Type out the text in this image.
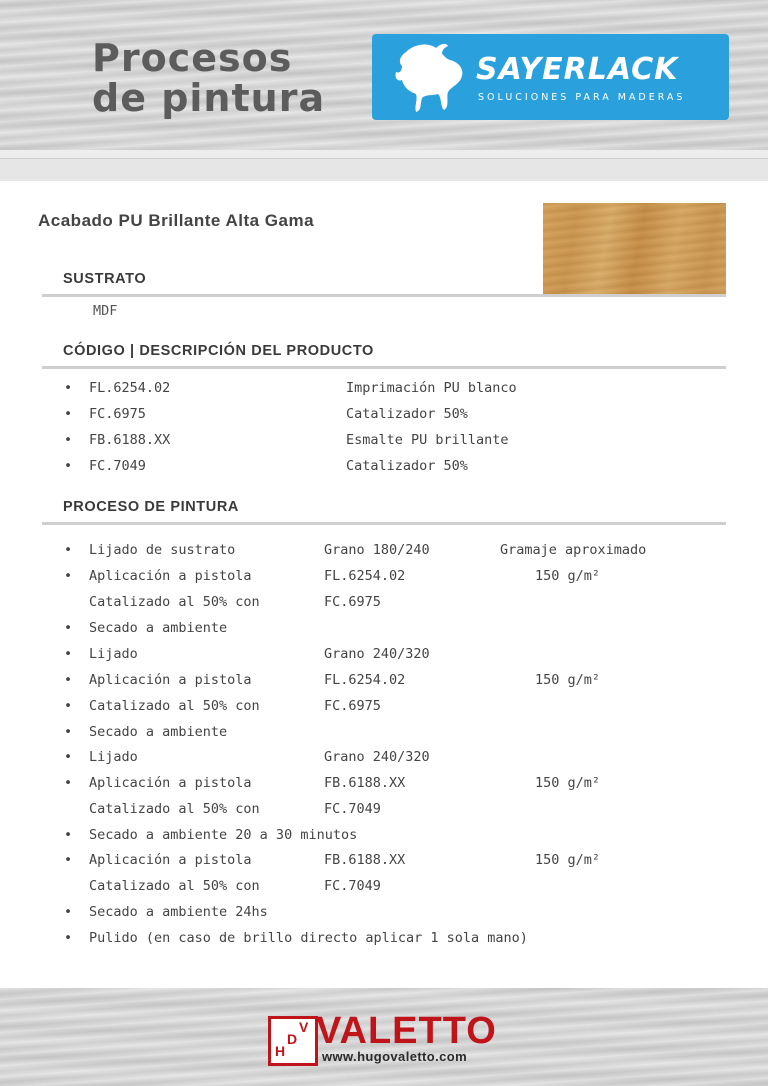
Procesos
de pintura
SAYERLACK
SOLUCIONES PARA MADERAS
Acabado PU Brillante Alta Gama
SUSTRATO
MDF
CÓDIGO | DESCRIPCIÓN DEL PRODUCTO
• FL.6254.02	Imprimación PU blanco
• FC.6975	Catalizador 50%
• FB.6188.XX	Esmalte PU brillante
• FC.7049	Catalizador 50%
PROCESO DE PINTURA
• Lijado de sustrato	Grano 180/240	Gramaje aproximado
• Aplicación a pistola	FL.6254.02	150 g/m²
Catalizado al 50% con	FC.6975
• Secado a ambiente
• Lijado	Grano 240/320
• Aplicación a pistola	FL.6254.02	150 g/m²
• Catalizado al 50% con	FC.6975
• Secado a ambiente
• Lijado	Grano 240/320
• Aplicación a pistola	FB.6188.XX	150 g/m²
Catalizado al 50% con	FC.7049
• Secado a ambiente 20 a 30 minutos
• Aplicación a pistola	FB.6188.XX	150 g/m²
Catalizado al 50% con	FC.7049
• Secado a ambiente 24hs
• Pulido (en caso de brillo directo aplicar 1 sola mano)
H
D
V VALETTO
www.hugovaletto.com
